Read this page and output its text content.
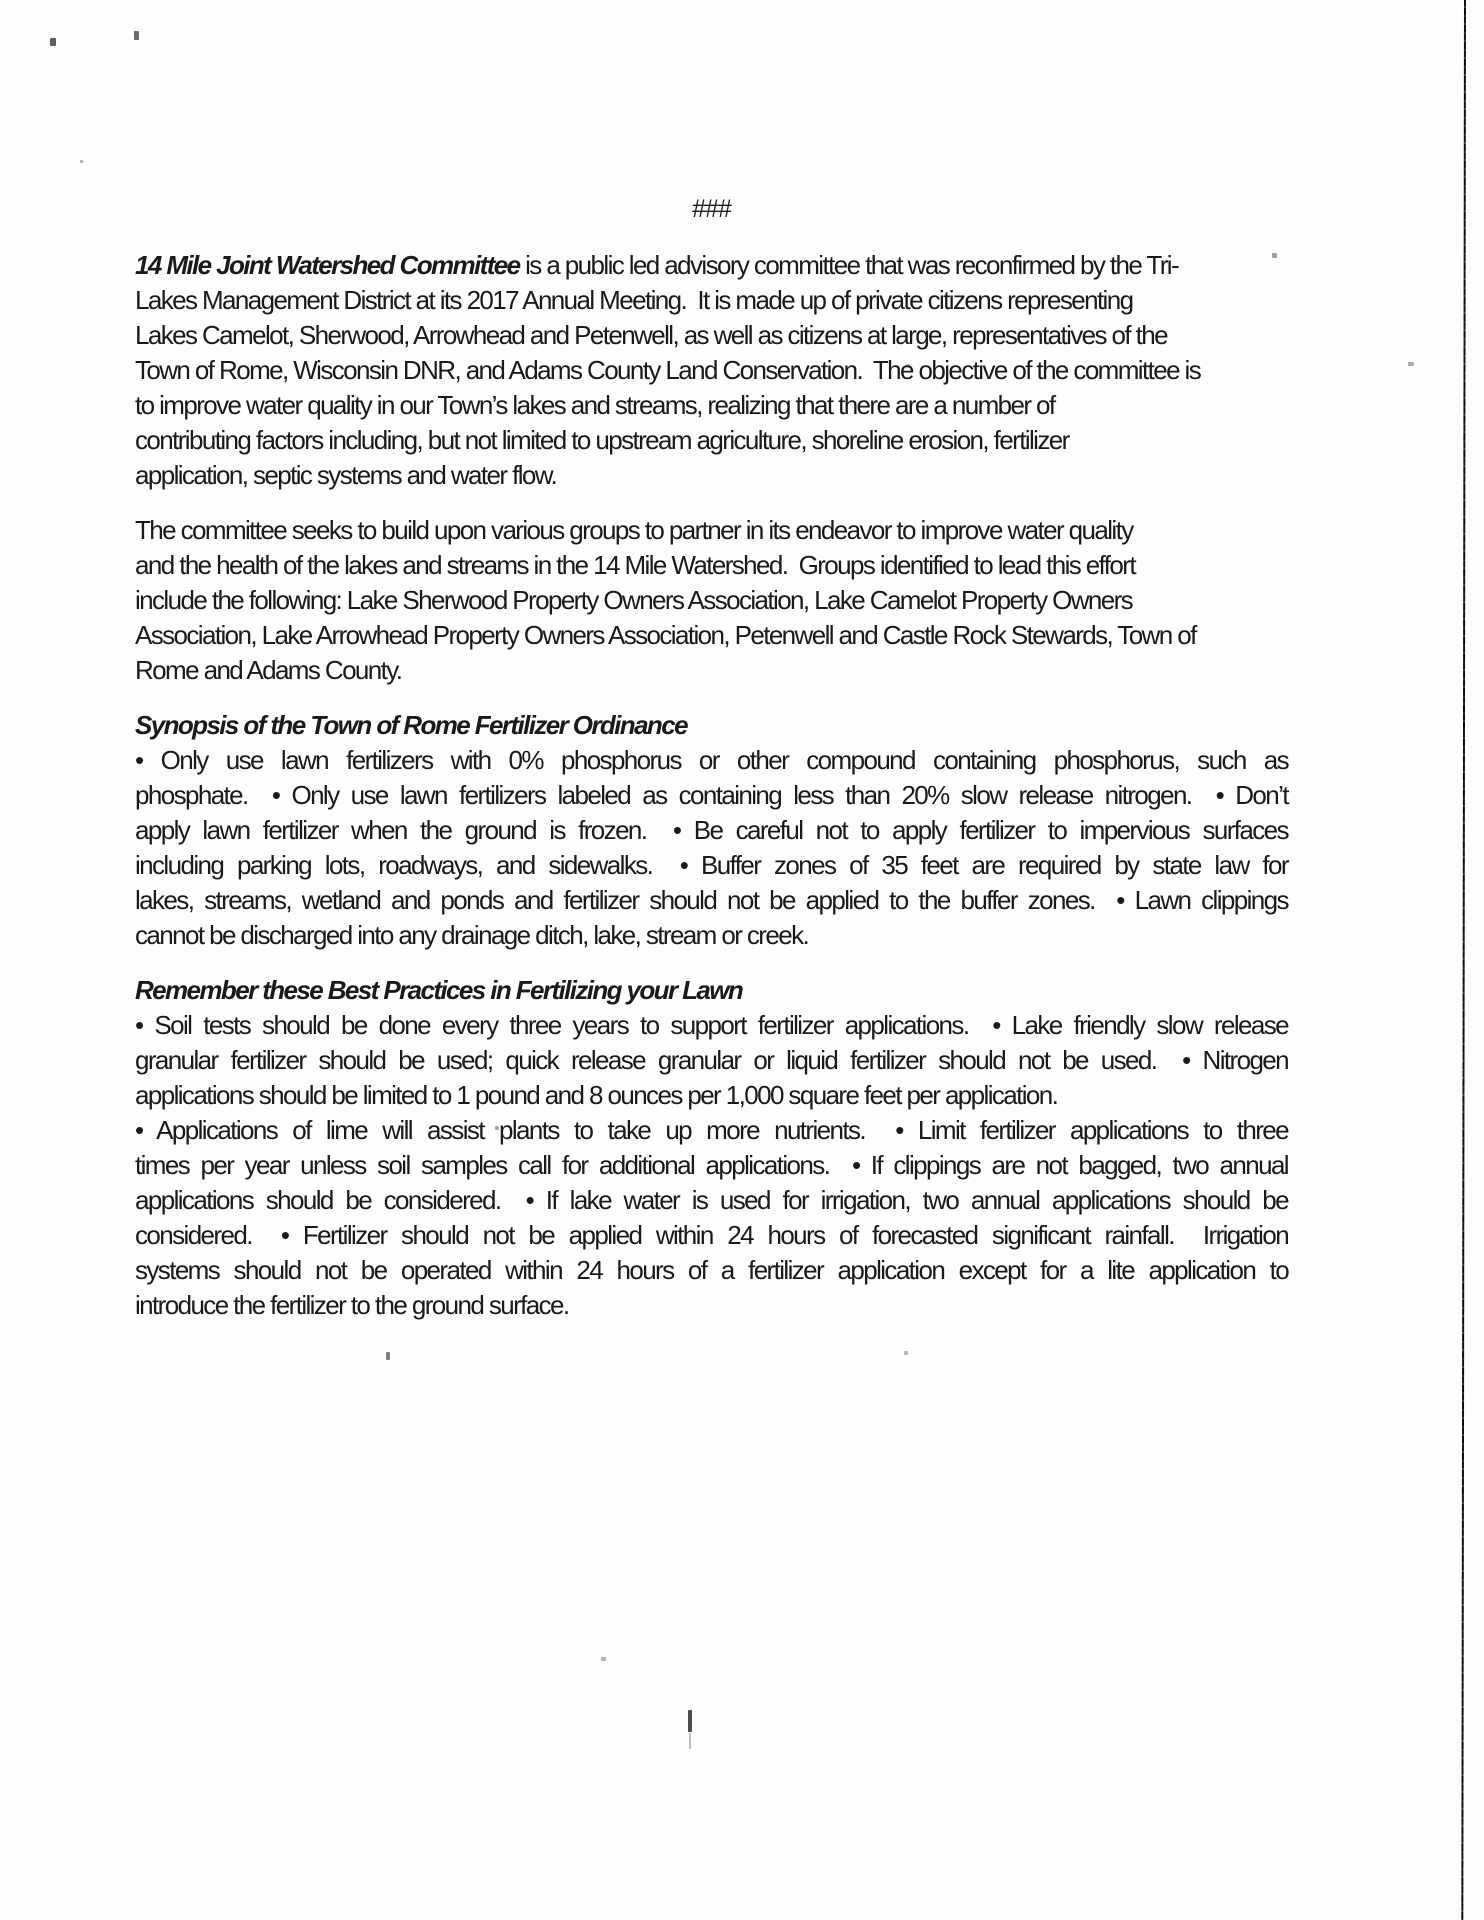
###
14 Mile Joint Watershed Committee is a public led advisory committee that was reconfirmed by the Tri-
Lakes Management District at its 2017 Annual Meeting.  It is made up of private citizens representing
Lakes Camelot, Sherwood, Arrowhead and Petenwell, as well as citizens at large, representatives of the
Town of Rome, Wisconsin DNR, and Adams County Land Conservation.  The objective of the committee is
to improve water quality in our Town’s lakes and streams, realizing that there are a number of
contributing factors including, but not limited to upstream agriculture, shoreline erosion, fertilizer
application, septic systems and water flow.
The committee seeks to build upon various groups to partner in its endeavor to improve water quality
and the health of the lakes and streams in the 14 Mile Watershed.  Groups identified to lead this effort
include the following: Lake Sherwood Property Owners Association, Lake Camelot Property Owners
Association, Lake Arrowhead Property Owners Association, Petenwell and Castle Rock Stewards, Town of
Rome and Adams County.
Synopsis of the Town of Rome Fertilizer Ordinance
• Only use lawn fertilizers with 0% phosphorus or other compound containing phosphorus, such as
phosphate.  • Only use lawn fertilizers labeled as containing less than 20% slow release nitrogen.  • Don’t
apply lawn fertilizer when the ground is frozen.  • Be careful not to apply fertilizer to impervious surfaces
including parking lots, roadways, and sidewalks.  • Buffer zones of 35 feet are required by state law for
lakes, streams, wetland and ponds and fertilizer should not be applied to the buffer zones.  • Lawn clippings
cannot be discharged into any drainage ditch, lake, stream or creek.
Remember these Best Practices in Fertilizing your Lawn
• Soil tests should be done every three years to support fertilizer applications.  • Lake friendly slow release
granular fertilizer should be used; quick release granular or liquid fertilizer should not be used.  • Nitrogen
applications should be limited to 1 pound and 8 ounces per 1,000 square feet per application.
• Applications of lime will assist plants to take up more nutrients.  • Limit fertilizer applications to three
times per year unless soil samples call for additional applications.  • If clippings are not bagged, two annual
applications should be considered.  • If lake water is used for irrigation, two annual applications should be
considered.  • Fertilizer should not be applied within 24 hours of forecasted significant rainfall.  Irrigation
systems should not be operated within 24 hours of a fertilizer application except for a lite application to
introduce the fertilizer to the ground surface.
